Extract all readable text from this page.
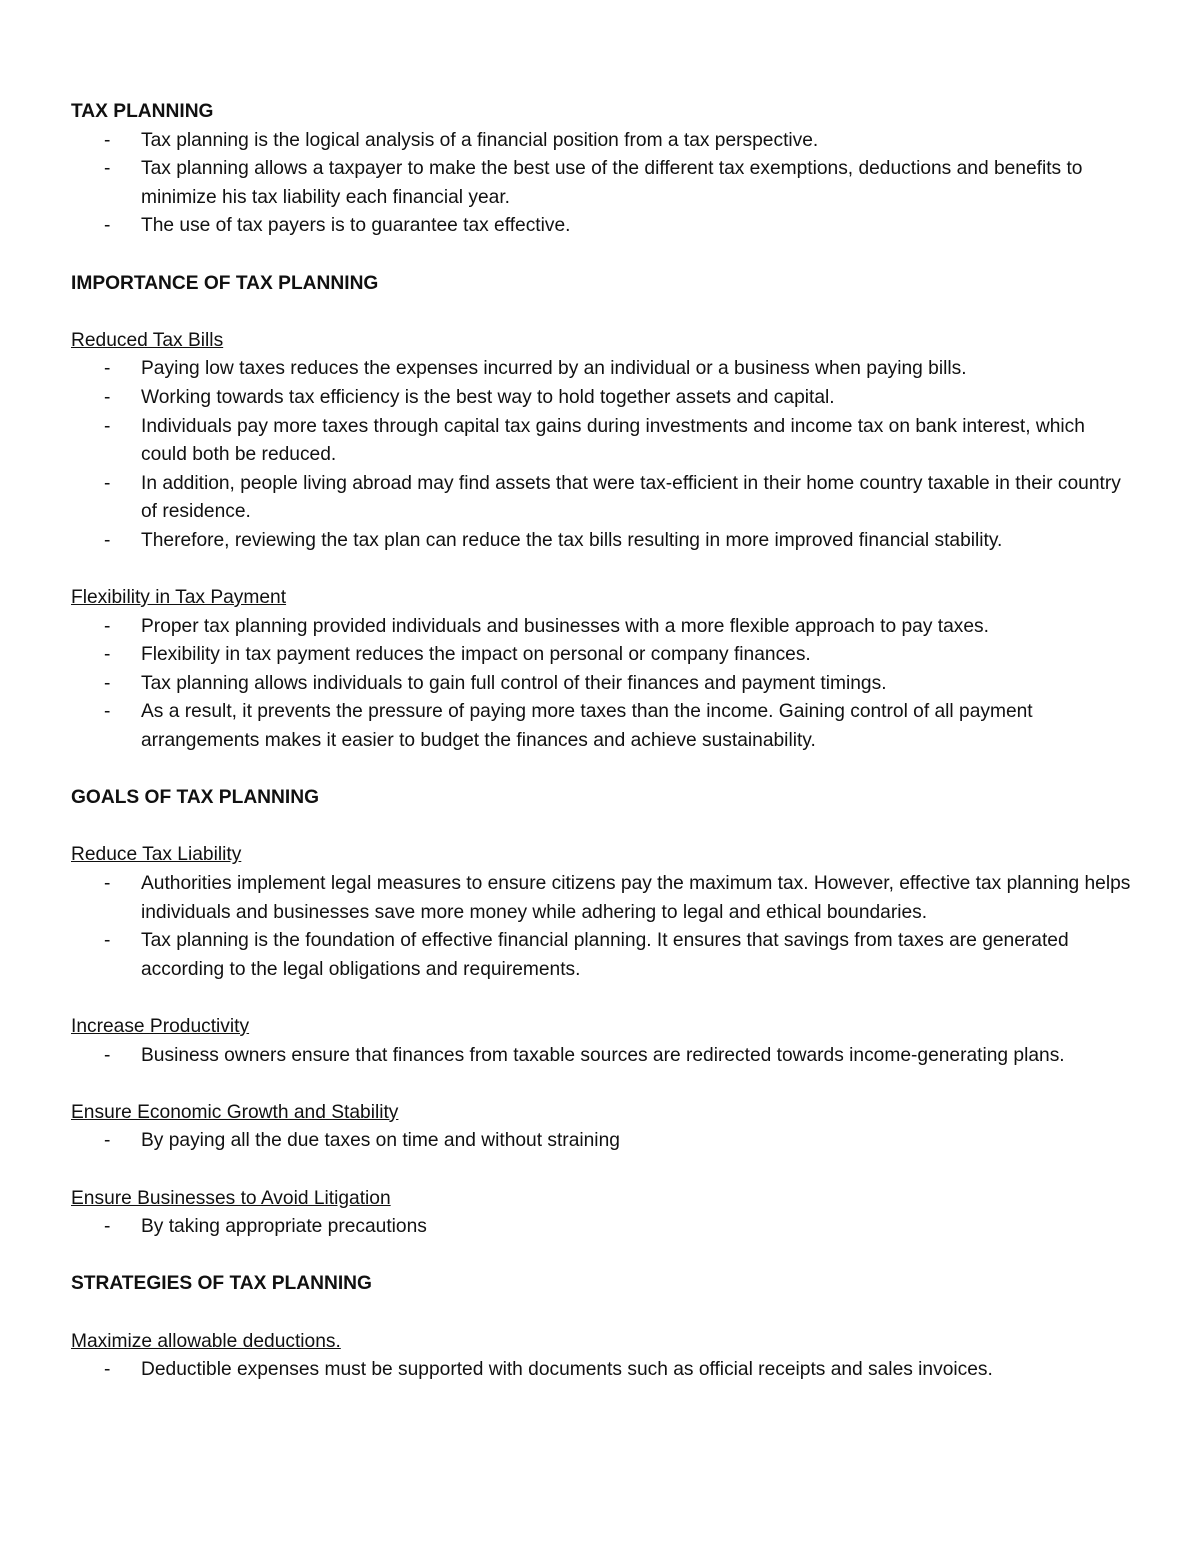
TAX PLANNING
- Tax planning is the logical analysis of a financial position from a tax perspective.
- Tax planning allows a taxpayer to make the best use of the different tax exemptions, deductions and benefits to minimize his tax liability each financial year.
- The use of tax payers is to guarantee tax effective.
IMPORTANCE OF TAX PLANNING
Reduced Tax Bills
- Paying low taxes reduces the expenses incurred by an individual or a business when paying bills.
- Working towards tax efficiency is the best way to hold together assets and capital.
- Individuals pay more taxes through capital tax gains during investments and income tax on bank interest, which could both be reduced.
- In addition, people living abroad may find assets that were tax-efficient in their home country taxable in their country of residence.
- Therefore, reviewing the tax plan can reduce the tax bills resulting in more improved financial stability.
Flexibility in Tax Payment
- Proper tax planning provided individuals and businesses with a more flexible approach to pay taxes.
- Flexibility in tax payment reduces the impact on personal or company finances.
- Tax planning allows individuals to gain full control of their finances and payment timings.
- As a result, it prevents the pressure of paying more taxes than the income. Gaining control of all payment arrangements makes it easier to budget the finances and achieve sustainability.
GOALS OF TAX PLANNING
Reduce Tax Liability
- Authorities implement legal measures to ensure citizens pay the maximum tax. However, effective tax planning helps individuals and businesses save more money while adhering to legal and ethical boundaries.
- Tax planning is the foundation of effective financial planning. It ensures that savings from taxes are generated according to the legal obligations and requirements.
Increase Productivity
- Business owners ensure that finances from taxable sources are redirected towards income-generating plans.
Ensure Economic Growth and Stability
- By paying all the due taxes on time and without straining
Ensure Businesses to Avoid Litigation
- By taking appropriate precautions
STRATEGIES OF TAX PLANNING
Maximize allowable deductions.
- Deductible expenses must be supported with documents such as official receipts and sales invoices.
